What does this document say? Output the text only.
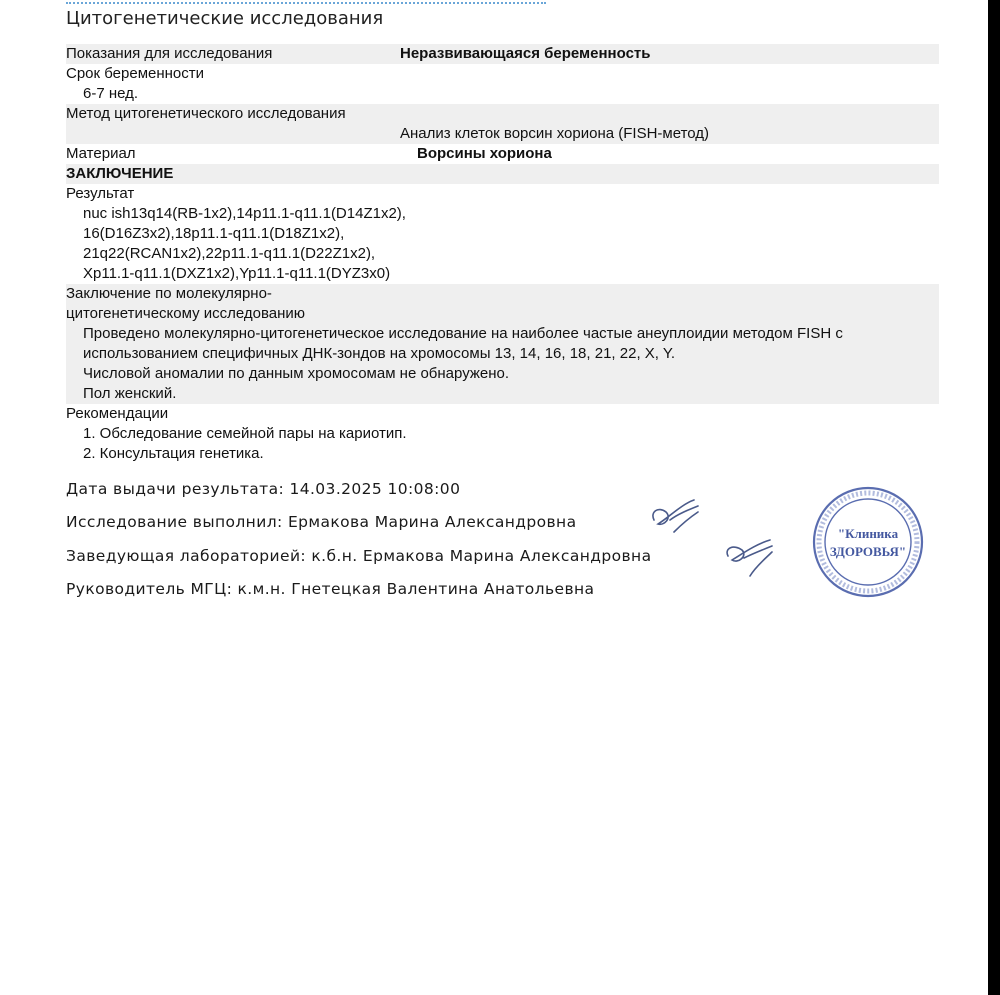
Цитогенетические исследования
Показания для исследования	Неразвивающаяся беременность
Срок беременности
6-7 нед.
Метод цитогенетического исследования
Анализ клеток ворсин хориона (FISH-метод)
Материал	Ворсины хориона
ЗАКЛЮЧЕНИЕ
Результат
nuc ish13q14(RB-1x2),14p11.1-q11.1(D14Z1x2),
16(D16Z3x2),18p11.1-q11.1(D18Z1x2),
21q22(RCAN1x2),22p11.1-q11.1(D22Z1x2),
Xp11.1-q11.1(DXZ1x2),Yp11.1-q11.1(DYZ3x0)
Заключение по молекулярно-
цитогенетическому исследованию
Проведено молекулярно-цитогенетическое исследование на наиболее частые анеуплоидии методом FISH с
использованием специфичных ДНК-зондов на хромосомы 13, 14, 16, 18, 21, 22, X, Y.
Числовой аномалии по данным хромосомам не обнаружено.
Пол женский.
Рекомендации
1. Обследование семейной пары на кариотип.
2. Консультация генетика.
Дата выдачи результата: 14.03.2025 10:08:00
Исследование выполнил: Ермакова Марина Александровна
Заведующая лабораторией: к.б.н. Ермакова Марина Александровна
Руководитель МГЦ: к.м.н. Гнетецкая Валентина Анатольевна
"Клиника
ЗДОРОВЬЯ"
